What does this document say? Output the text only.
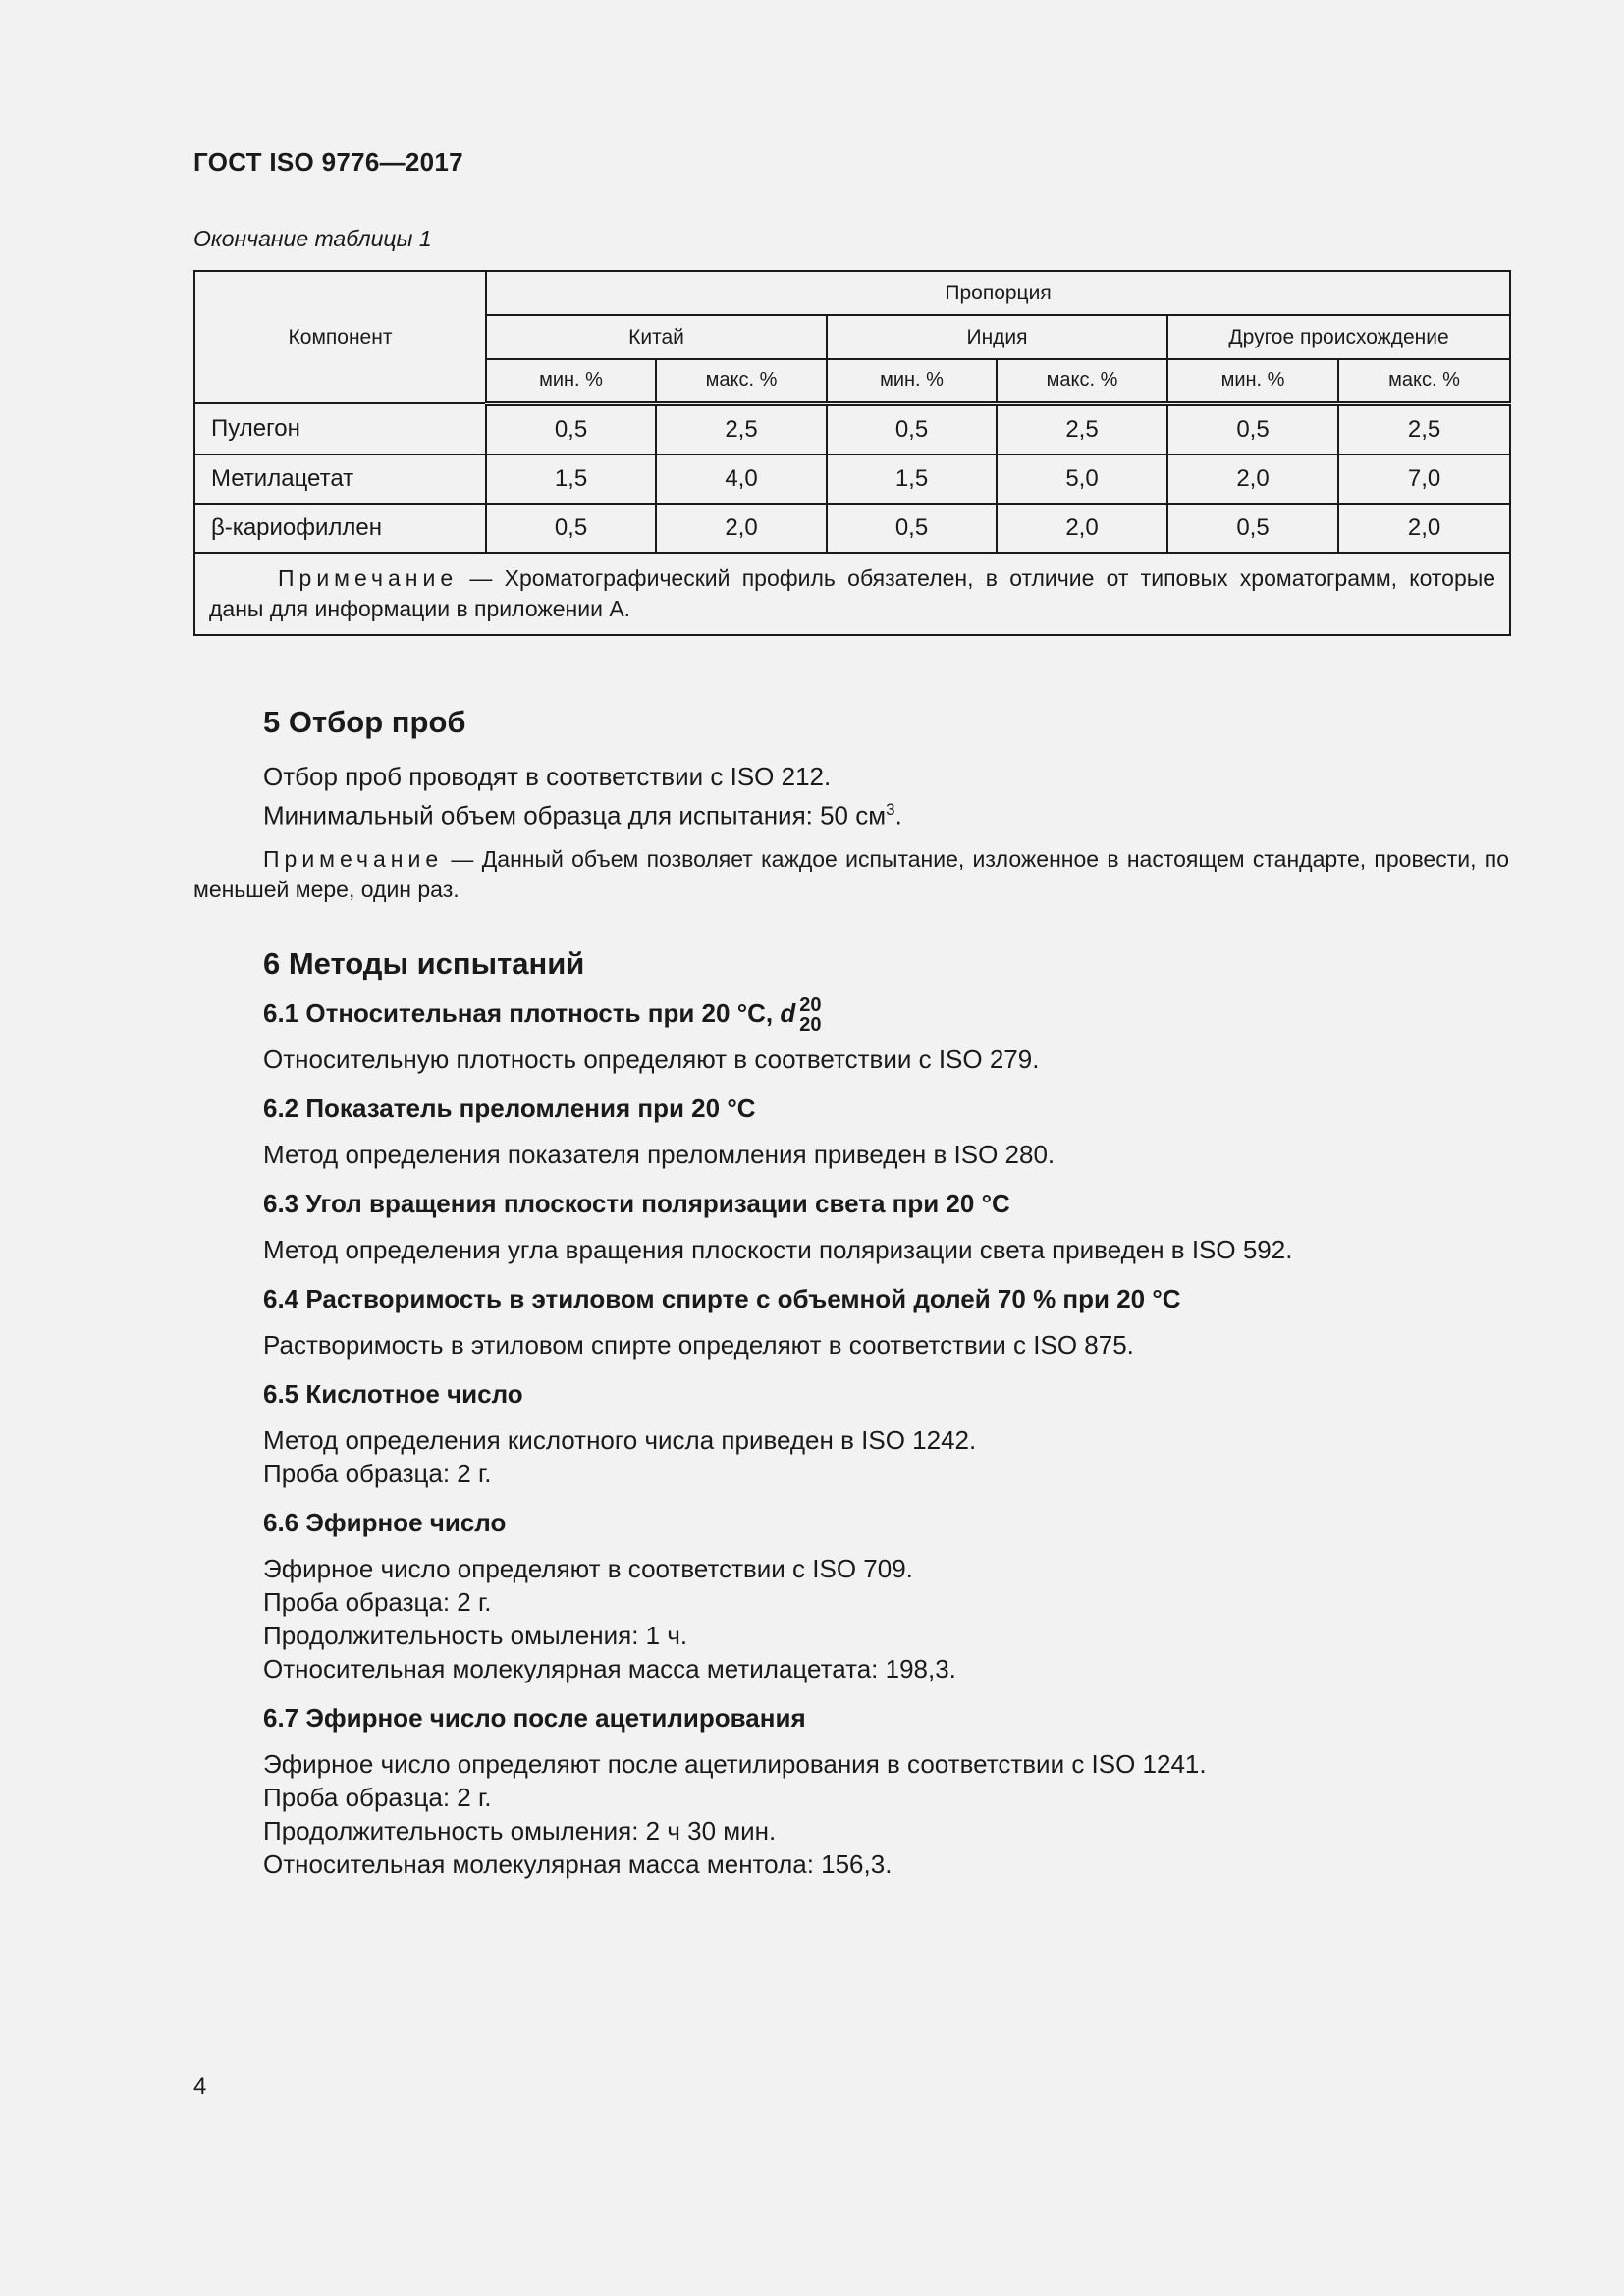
ГОСТ ISO 9776—2017
Окончание таблицы 1
Компонент	Пропорция					
	Китай		Индия		Другое происхождение	
	мин. %	макс. %	мин. %	макс. %	мин. %	макс. %
Пулегон	0,5	2,5	0,5	2,5	0,5	2,5
Метилацетат	1,5	4,0	1,5	5,0	2,0	7,0
β-кариофиллен	0,5	2,0	0,5	2,0	0,5	2,0
Примечание — Хроматографический профиль обязателен, в отличие от типовых хроматограмм, которые даны для информации в приложении А.						
5 Отбор проб

Отбор проб проводят в соответствии с ISO 212.

Минимальный объем образца для испытания: 50 $см^3$.

Примечание — Данный объем позволяет каждое испытание, изложенное в настоящем стандарте, провести, по меньшей мере, один раз.

6 Методы испытаний
6.1 Относительная плотность при 20 °C, d 20
20

Относительную плотность определяют в соответствии с ISO 279.

6.2 Показатель преломления при 20 °C

Метод определения показателя преломления приведен в ISO 280.

6.3 Угол вращения плоскости поляризации света при 20 °C

Метод определения угла вращения плоскости поляризации света приведен в ISO 592.

6.4 Растворимость в этиловом спирте с объемной долей 70 % при 20 °C

Растворимость в этиловом спирте определяют в соответствии с ISO 875.

6.5 Кислотное число

Метод определения кислотного числа приведен в ISO 1242.

Проба образца: 2 г.

6.6 Эфирное число

Эфирное число определяют в соответствии с ISO 709.

Проба образца: 2 г.

Продолжительность омыления: 1 ч.

Относительная молекулярная масса метилацетата: 198,3.

6.7 Эфирное число после ацетилирования

Эфирное число определяют после ацетилирования в соответствии с ISO 1241.

Проба образца: 2 г.

Продолжительность омыления: 2 ч 30 мин.

Относительная молекулярная масса ментола: 156,3.

4
